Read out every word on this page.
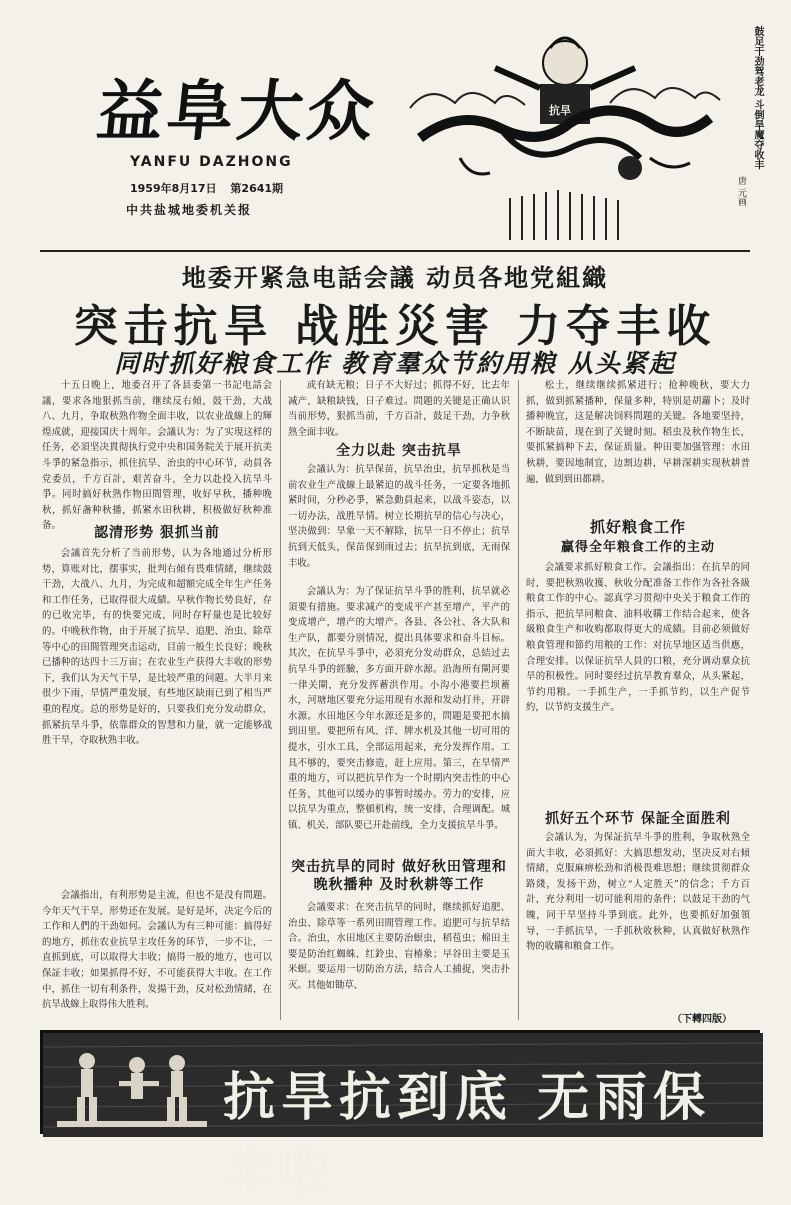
益阜大众
YANFU DAZHONG
1959年8月17日 第2641期
中共盐城地委机关报
抗旱	鼓足干劲驾老龙 斗倒旱魔夺收丰
唐 元画
地委开紧急电話会議 动员各地党組織
突击抗旱 战胜災害 力夺丰收
同时抓好粮食工作 教育羣众节約用粮 从头紧起

十五日晚上，地委召开了各县委第一书記电話会議，要求各地狠抓当前，继续反右傾，鼓干劲，大战八、九月，争取秋熟作物全面丰收，以农业战線上的輝煌成就，迎接国庆十周年。会議认为：为了实現这样的任务，必須坚决貫彻执行党中央和国务院关于展开抗美斗爭的紧急指示，抓住抗旱、治虫的中心环节，动員各党委员，千方百計，艰苦奋斗，全力以赴投入抗旱斗爭。同时搞好秋熟作物田間管理，收好早秋，播种晚秋，抓好盏种秋播，抓紧水田秋耕，积极做好秋种准备。	認清形势 狠抓当前

会議首先分析了当前形势，认为各地通过分析形势，算账对比，摆事实，批判右傾有畏难情緒，继续鼓干劲，大战八、九月，为完成和超額完成全年生产任务和工作任务，已取得很大成績。早秋作物长势良好，存的已收完毕，有的快要完成，同时存籽量也是比较好的。中晚秋作物，由于开展了抗旱、追肥、治虫、除草等中心的田間管理突击运动，目前一般生长良好；晚秋已播种的达四十三万亩；在农业生产获得大丰收的形势下，我们认为天气干旱，是比较严重的问题。大半月来很少下雨，旱情严重发展，有些地区缺雨已到了相当严重的程度。总的形势是好的，只要我们充分发动群众，抓紧抗旱斗爭，依靠群众的智慧和力量，就一定能够战胜干旱，夺取秋熟丰收。

会議指出，有利形势是主流，但也不是没有問題。今年天气干旱，形势还在发展。是好是坏，决定今后的工作和人們的干劲如何。会議认为有三种可能：搞得好的地方，抓住农业抗旱主攻任务的环节，一步不让，一直抓到底，可以取得大丰收；搞得一般的地方，也可以保証丰收；如果抓得不好，不可能获得大丰收。在工作中，抓住一切有利条件，发揚干劲，反对松劲情緒，在抗旱战線上取得伟大胜利。

或有缺无粮；日子不大好过；抓得不好，比去年减产，缺粮缺钱，日子难过。問題的关键是正确认识当前形势，狠抓当前，千方百計，鼓足干劲，力争秋熟全面丰收。

全力以赴 突击抗旱

会議认为：抗旱保苗，抗旱治虫，抗旱抓秋是当前农业生产战線上最紧迫的战斗任务，一定要各地抓紧时间，分秒必爭，紧急動員起来，以战斗姿态，以一切办法，战胜旱情。树立长期抗旱的信心与决心，坚决做到：旱象一天不解除，抗旱一日不停止；抗旱抗到天低头，保苗保到雨过去；抗旱抗到底，无雨保丰收。

会議认为：为了保证抗旱斗爭的胜利，抗旱就必須要有措施。要求减产的变成平产甚至增产，平产的变成增产，增产的大增产。各县、各公社、各大队和生产队，都要分别情况，提出具体要求和奋斗目标。其次，在抗旱斗爭中，必須充分发动群众，总結过去抗旱斗爭的經驗，多方面开辟水源。沿海所有閘河要一律关閘，充分发挥蓄洪作用。小沟小港要拦坝蓄水，河塘地区要充分运用现有水源和发动打井，开辟水源。水田地区今年水源还是多的，問題是要把水搞到田里。要把所有风、洋、牌水机及其他一切可用的提水，引水工具，全部运用起来，充分发挥作用。工具不够的，要突击修造，赶上应用。第三，在旱情严重的地方，可以把抗旱作为一个时期内突击性的中心任务，其他可以缓办的事暂时缓办。劳力的安排，应以抗旱为重点，整頓机构，统一安排，合理调配。城镇、机关、部队要已开赴前线，全力支援抗旱斗爭。

突击抗旱的同时 做好秋田管理和
晚秋播种 及时秋耕等工作

会議要求：在突击抗旱的同时，继续抓好追肥、治虫、除草等一系列田間管理工作。追肥可与抗旱结合。治虫，水田地区主要防治螟虫，稻苞虫；棉田主要是防治红蜘蛛、红鈴虫、盲椿象；早谷田主要是玉米螟。要运用一切防治方法，结合人工捕捉，突击扑灭。其他如锄草、

松土，继续继续抓紧进行；抢种晚秋，要大力抓，做到抓紧播种，保量多种，特别是胡蘿卜；及时播种晚宜，这是解决饲料問題的关键。各地要坚持，不断缺苗，现在到了关键时刻。稻虫及秋作物生长，要抓紧搞种下去，保证质量。种田要加强管理：水田秋耕，要因地制宜，边割边耕，早耕深耕实现秋耕普遍，做到到田都耕。

抓好粮食工作
贏得全年粮食工作的主动

会議要求抓好粮食工作。会議指出：在抗旱的同时，要把秋熟收獲、秋收分配准备工作作为各社各級粮食工作的中心。認真学习贯彻中央关于粮食工作的指示，把抗旱同粮食、油料收購工作结合起来，使各級粮食生产和收购都取得更大的成績。目前必须做好粮食管理和節约用粮的工作：对抗旱地区适当供應，合理安排。以保证抗旱人員的口粮，充分调动羣众抗旱的积极性。同时要经过抗旱教育羣众，从头紧起，节约用粮。一手抓生产，一手抓节約，以生产促节約，以节約支援生产。

抓好五个环节 保証全面胜利

会議认为，为保証抗旱斗爭的胜利，争取秋熟全面大丰收，必須抓好：大搞思想发动，坚决反对右傾情緒，克服麻痹松劲和消极畏难思想；继续贯彻群众路綫，发扬干劲，树立“人定胜天”的信念；千方百計，充分利用一切可能利用的条件；以鼓足干劲的气魄，同干旱坚持斗爭到底。此外，也要抓好加强領导，一手抓抗旱，一手抓秋收秋种，认真做好秋熟作物的收購和粮食工作。

（下轉四版）
抗旱抗到底 无雨保丰收
